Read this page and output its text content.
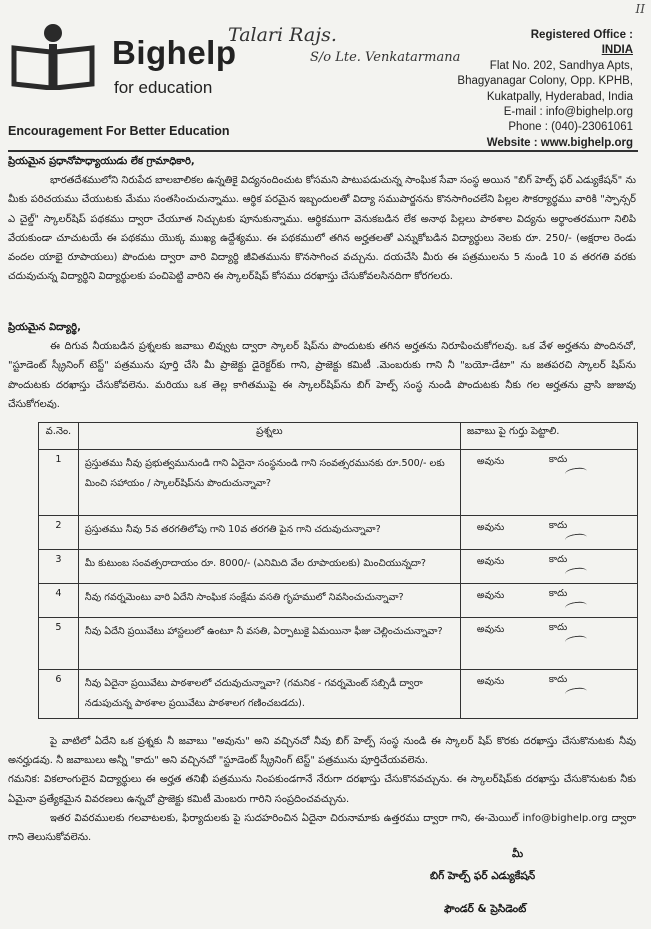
Bighelp
for education
Encouragement For Better Education
Talari Rajs.
S/o Lte. Venkatarmana
II
Registered Office :
INDIA
Flat No. 202, Sandhya Apts,
Bhagyanagar Colony, Opp. KPHB,
Kukatpally, Hyderabad, India
E-mail : info@bighelp.org
Phone : (040)-23061061
Website : www.bighelp.org
ప్రియమైన ప్రధానోపాధ్యాయుడు లేక గ్రామాధికారి,
భారతదేశములోని నిరుపేద బాలబాలికల ఉన్నతికై విద్యనందించుట కోసమని పాటుపడుచున్న సాంఘిక సేవా సంస్థ అయిన "బిగ్ హెల్ప్ ఫర్ ఎడ్యుకేషన్" ను మీకు పరిచయము చేయుటకు మేము సంతసించుచున్నాము. ఆర్థిక పరమైన ఇబ్బందులతో విద్యా సముపార్జనను కొనసాగించలేని పిల్లల సౌకర్యార్థము వారికి "స్పాన్సర్ ఎ చైల్డ్" స్కాలర్‌షిప్ పథకము ద్వారా చేయూత నిచ్చుటకు పూనుకున్నాము. ఆర్థికముగా వెనుకబడిన లేక అనాథ పిల్లలు పాఠశాల విద్యను అర్థాంతరముగా నిలిపి వేయకుండా చూచుటయే ఈ పథకము యొక్క ముఖ్య ఉద్దేశ్యము. ఈ పథకములో తగిన అర్హతలతో ఎన్నుకోబడిన విద్యార్థులు నెలకు రూ. 250/- (అక్షరాల రెండు వందల యాభై రూపాయలు) పొందుట ద్వారా వారి విద్యార్థి జీవితమును కొనసాగించ వచ్చును. దయచేసి మీరు ఈ పత్రములను 5 నుండి 10 వ తరగతి వరకు చదువుచున్న విద్యార్థిని విద్యార్థులకు పంచిపెట్టి వారిని ఈ స్కాలర్‌షిప్ కోసము దరఖాస్తు చేసుకోవలసినదిగా కోరగలరు.
ప్రియమైన విద్యార్థి,
ఈ దిగువ నీయబడిన ప్రశ్నలకు జవాబు లివ్వుట ద్వారా స్కాలర్ షిప్‌ను పొందుటకు తగిన అర్హతను నిరూపించుకోగలవు. ఒక వేళ అర్హతను పొందినచో, "స్టూడెంట్ స్క్రీనింగ్ టెస్ట్" పత్రమును పూర్తి చేసి మీ ప్రాజెక్టు డైరెక్టర్‌కు గాని, ప్రాజెక్టు కమిటీ .మెంబరుకు గాని నీ "బయో-డేటా" ను జతపరచి స్కాలర్ షిప్‌ను పొందుటకు దరఖాస్తు చేసుకోవలెను. మరియు ఒక తెల్ల కాగితముపై ఈ స్కాలర్‌షిప్‌ను బిగ్ హెల్ప్ సంస్థ నుండి పొందుటకు నీకు గల అర్హతను వ్రాసి జుజువు చేసుకోగలవు.
వ.నెం.	ప్రశ్నలు	జవాబు పై గుర్తు పెట్టాలి.
1	ప్రస్తుతము నీవు ప్రభుత్వమునుండి గాని ఏదైనా సంస్థనుండి గాని సంవత్సరమునకు రూ.500/- లకు మించి సహాయం / స్కాలర్‌షిప్‌ను పొందుచున్నావా?	అవును కాదు

2	ప్రస్తుతము నీవు 5వ తరగతిలోపు గాని 10వ తరగతి పైన గాని చదువుచున్నావా?	అవును కాదు

3	మీ కుటుంబ సంవత్సరాదాయం రూ. 8000/- (ఎనిమిది వేల రూపాయలకు) మించియున్నదా?	అవును కాదు

4	నీవు గవర్నమెంటు వారి ఏదేని సాంఘిక సంక్షేమ వసతి గృహములో నివసించుచున్నావా?	అవును కాదు

5	నీవు ఏదేని ప్రయివేటు హాస్టలులో ఉంటూ నీ వసతి, ఏర్పాటుకై ఏమయినా ఫీజు చెల్లించుచున్నావా?	అవును కాదు

6	నీవు ఏదైనా ప్రయివేటు పాఠశాలలో చదువుచున్నావా? (గమనిక - గవర్నమెంట్ సబ్సిడీ ద్వారా నడుపుచున్న పాఠశాల ప్రయివేటు పాఠశాలగ గణించబడదు).	అవును కాదు
పై వాటిలో ఏదేని ఒక ప్రశ్నకు నీ జవాబు "అవును" అని వచ్చినచో నీవు బిగ్ హెల్ప్ సంస్థ నుండి ఈ స్కాలర్ షిప్ కొరకు దరఖాస్తు చేసుకొనుటకు నీవు అనర్హుడవు. నీ జవాబులు అన్నీ "కాదు" అని వచ్చినచో "స్టూడెంట్ స్క్రీనింగ్ టెస్ట్" పత్రమును పూర్తిచేయవలెను.
గమనిక: వికలాంగులైన విద్యార్థులు ఈ అర్హత తనిఖీ పత్రమును నింపకుండగానే నేరుగా దరఖాస్తు చేసుకొనవచ్చును. ఈ స్కాలర్‌షిప్‌కు దరఖాస్తు చేసుకొనుటకు నీకు ఏమైనా ప్రత్యేకమైన వివరణలు ఉన్నచో ప్రాజెక్టు కమిటీ మెంబరు గారిని సంప్రదించవచ్చును.
ఇతర వివరములకు గలవాటలకు, ఫిర్యాదులకు పై సుదహరించిన ఏదైనా చిరునామాకు ఉత్తరము ద్వారా గాని, ఈ-మెయిల్ info@bighelp.org ద్వారా గాని తెలుసుకోవలెను.
మీ
బిగ్ హెల్ప్ ఫర్ ఎడ్యుకేషన్
ఫౌండర్ & ప్రెసిడెంట్
